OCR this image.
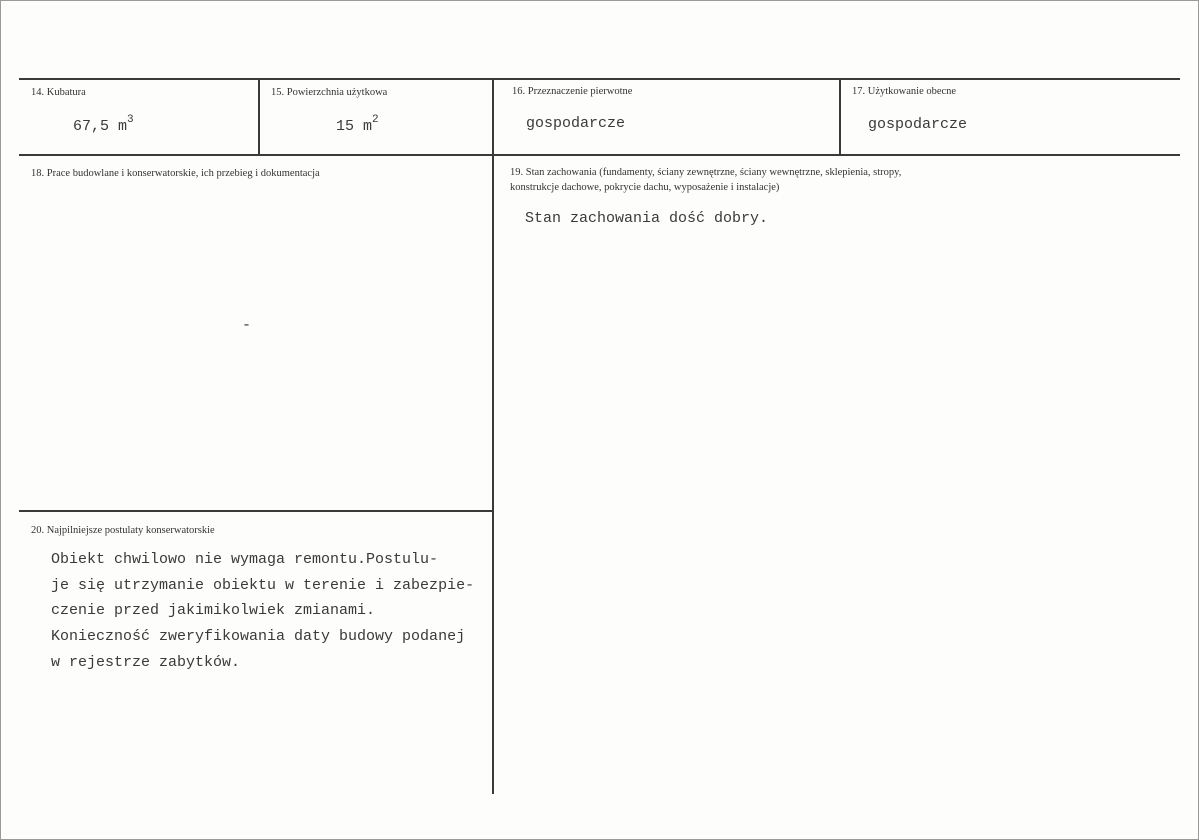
14. Kubatura
67,5 $m^3$
15. Powierzchnia użytkowa
15 $m^2$
16. Przeznaczenie pierwotne
gospodarcze
17. Użytkowanie obecne
gospodarcze
18. Prace budowlane i konserwatorskie, ich przebieg i dokumentacja
-
19. Stan zachowania (fundamenty, ściany zewnętrzne, ściany wewnętrzne, sklepienia, stropy,
konstrukcje dachowe, pokrycie dachu, wyposażenie i instalacje)
Stan zachowania dość dobry.
20. Najpilniejsze postulaty konserwatorskie
Obiekt chwilowo nie wymaga remontu.Postulu-
je się utrzymanie obiektu w terenie i zabezpie-
czenie przed jakimikolwiek zmianami.
Konieczność zweryfikowania daty budowy podanej
w rejestrze zabytków.
